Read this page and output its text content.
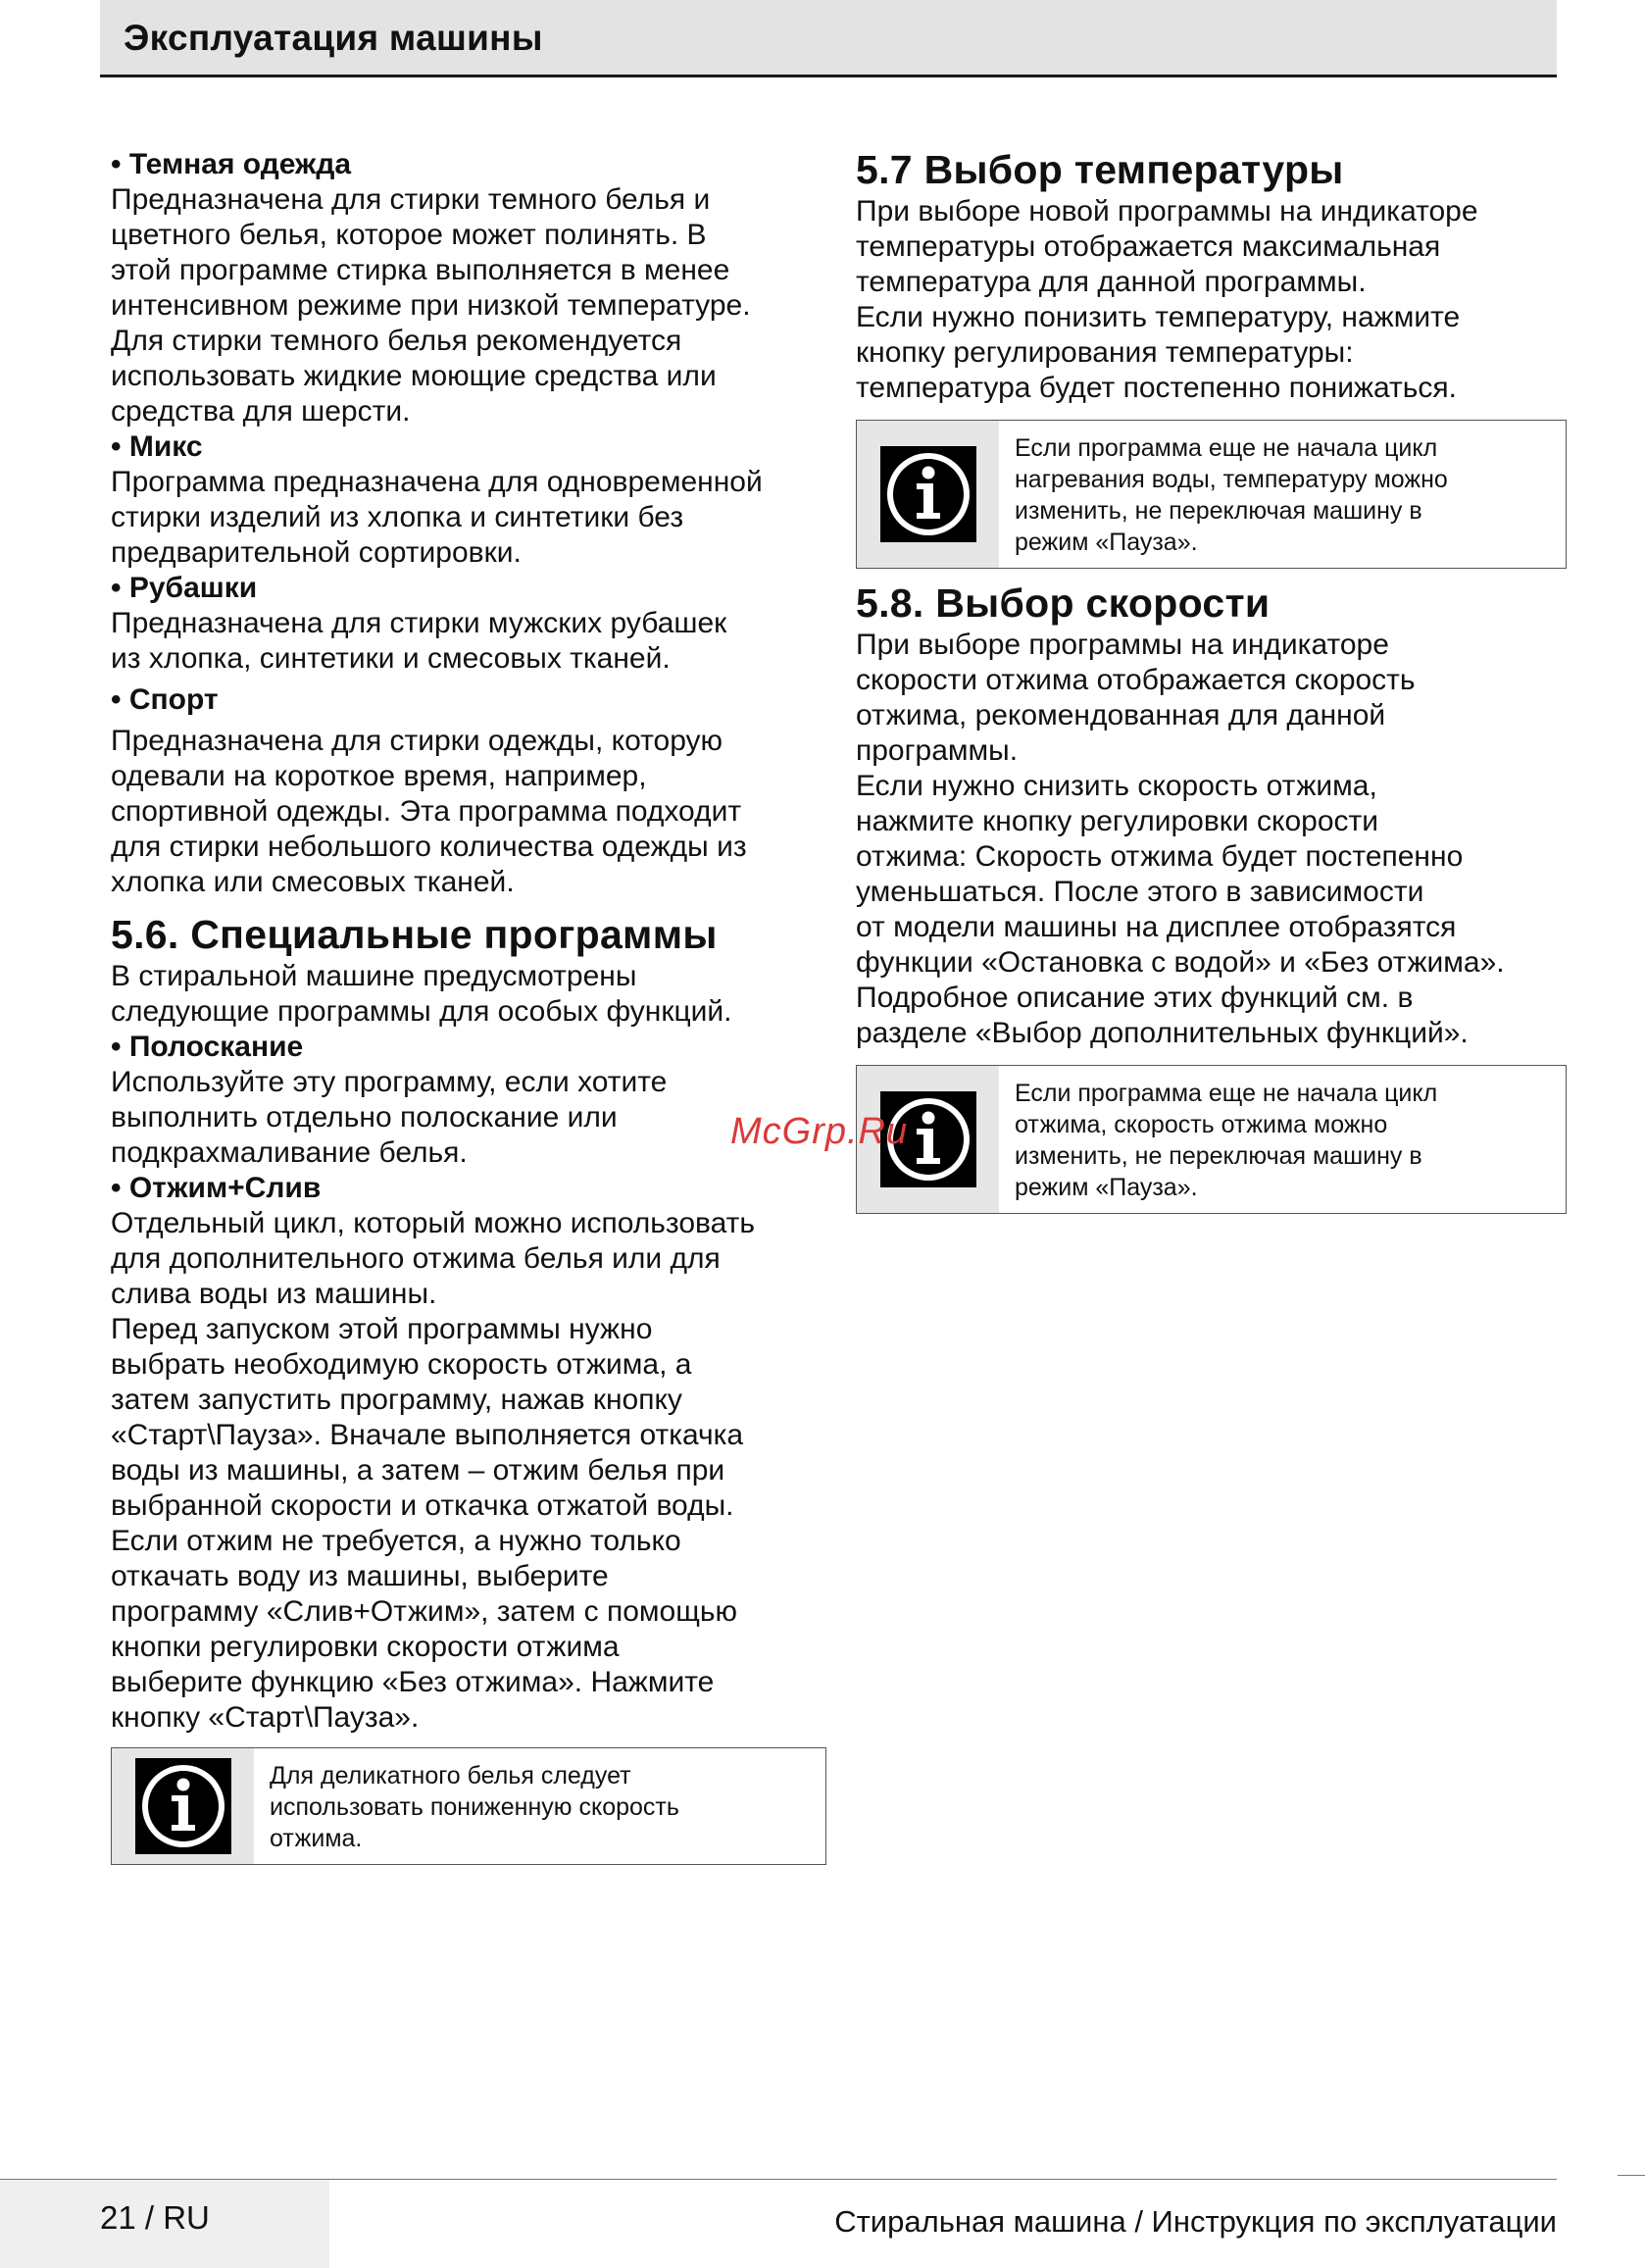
Эксплуатация машины

• Темная одежда

Предназначена для стирки темного белья и
цветного белья, которое может полинять. В
этой программе стирка выполняется в менее
интенсивном режиме при низкой температуре.
Для стирки темного белья рекомендуется
использовать жидкие моющие средства или
средства для шерсти.

• Микс

Программа предназначена для одновременной
стирки изделий из хлопка и синтетики без
предварительной сортировки.

• Рубашки

Предназначена для стирки мужских рубашек
из хлопка, синтетики и смесовых тканей.

• Спорт

Предназначена для стирки одежды, которую
одевали на короткое время, например,
спортивной одежды. Эта программа подходит
для стирки небольшого количества одежды из
хлопка или смесовых тканей.

5.6. Специальные программы

В стиральной машине предусмотрены
следующие программы для особых функций.

• Полоскание

Используйте эту программу, если хотите
выполнить отдельно полоскание или
подкрахмаливание белья.

• Отжим+Слив

Отдельный цикл, который можно использовать
для дополнительного отжима белья или для
слива воды из машины.
Перед запуском этой программы нужно
выбрать необходимую скорость отжима, а
затем запустить программу, нажав кнопку
«Старт\Пауза». Вначале выполняется откачка
воды из машины, а затем – отжим белья при
выбранной скорости и откачка отжатой воды.
Если отжим не требуется, а нужно только
откачать воду из машины, выберите
программу «Слив+Отжим», затем с помощью
кнопки регулировки скорости отжима
выберите функцию «Без отжима». Нажмите
кнопку «Старт\Пауза».

Для деликатного белья следует
использовать пониженную скорость
отжима.
5.7 Выбор температуры

При выборе новой программы на индикаторе
температуры отображается максимальная
температура для данной программы.
Если нужно понизить температуру, нажмите
кнопку регулирования температуры:
температура будет постепенно понижаться.

Если программа еще не начала цикл
нагревания воды, температуру можно
изменить, не переключая машину в
режим «Пауза».
5.8. Выбор скорости

При выборе программы на индикаторе
скорости отжима отображается скорость
отжима, рекомендованная для данной
программы.
Если нужно снизить скорость отжима,
нажмите кнопку регулировки скорости
отжима: Скорость отжима будет постепенно
уменьшаться. После этого в зависимости
от модели машины на дисплее отобразятся
функции «Остановка с водой» и «Без отжима».
Подробное описание этих функций см. в
разделе «Выбор дополнительных функций».

Если программа еще не начала цикл
отжима, скорость отжима можно
изменить, не переключая машину в
режим «Пауза».
McGrp.Ru
21 / RU	Стиральная машина / Инструкция по эксплуатации
